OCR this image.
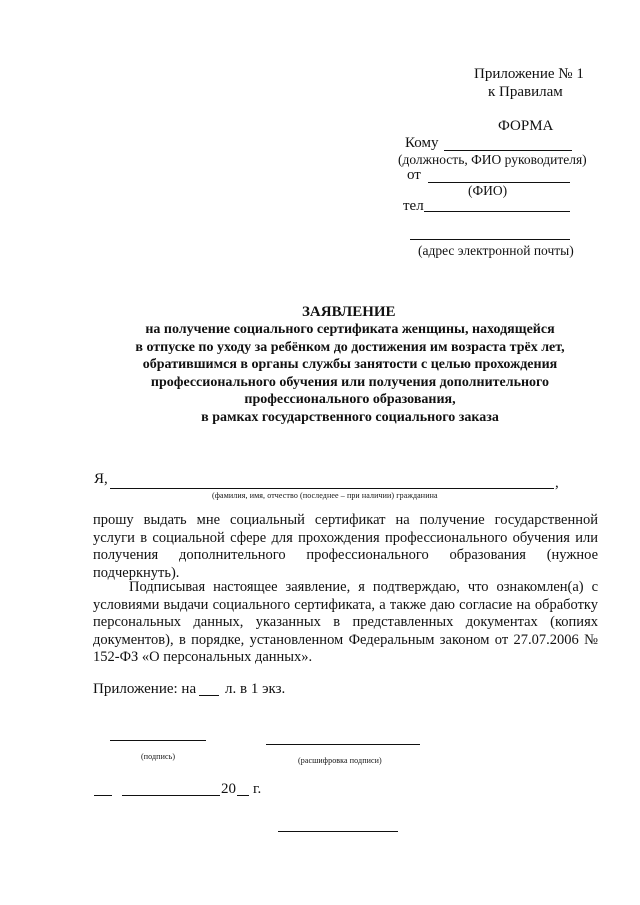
Приложение № 1
к Правилам
ФОРМА
Кому
(должность, ФИО руководителя)
от
(ФИО)
тел
(адрес электронной почты)
ЗАЯВЛЕНИЕ
на получение социального сертификата женщины, находящейся
в отпуске по уходу за ребёнком до достижения им возраста трёх лет,
обратившимся в органы службы занятости с целью прохождения
профессионального обучения или получения дополнительного
профессионального образования,
в рамках государственного социального заказа
Я,	,
(фамилия, имя, отчество (последнее – при наличии) гражданина

прошу выдать мне социальный сертификат на получение государственной услуги в социальной сфере для прохождения профессионального обучения или получения дополнительного профессионального образования (нужное подчеркнуть).

Подписывая настоящее заявление, я подтверждаю, что ознакомлен(а) с условиями выдачи социального сертификата, а также даю согласие на обработку персональных данных, указанных в представленных документах (копиях документов), в порядке, установленном Федеральным законом от 27.07.2006 № 152-ФЗ «О персональных данных».

Приложение: на л. в 1 экз.
(подпись)	(расшифровка подписи)
20 г.
